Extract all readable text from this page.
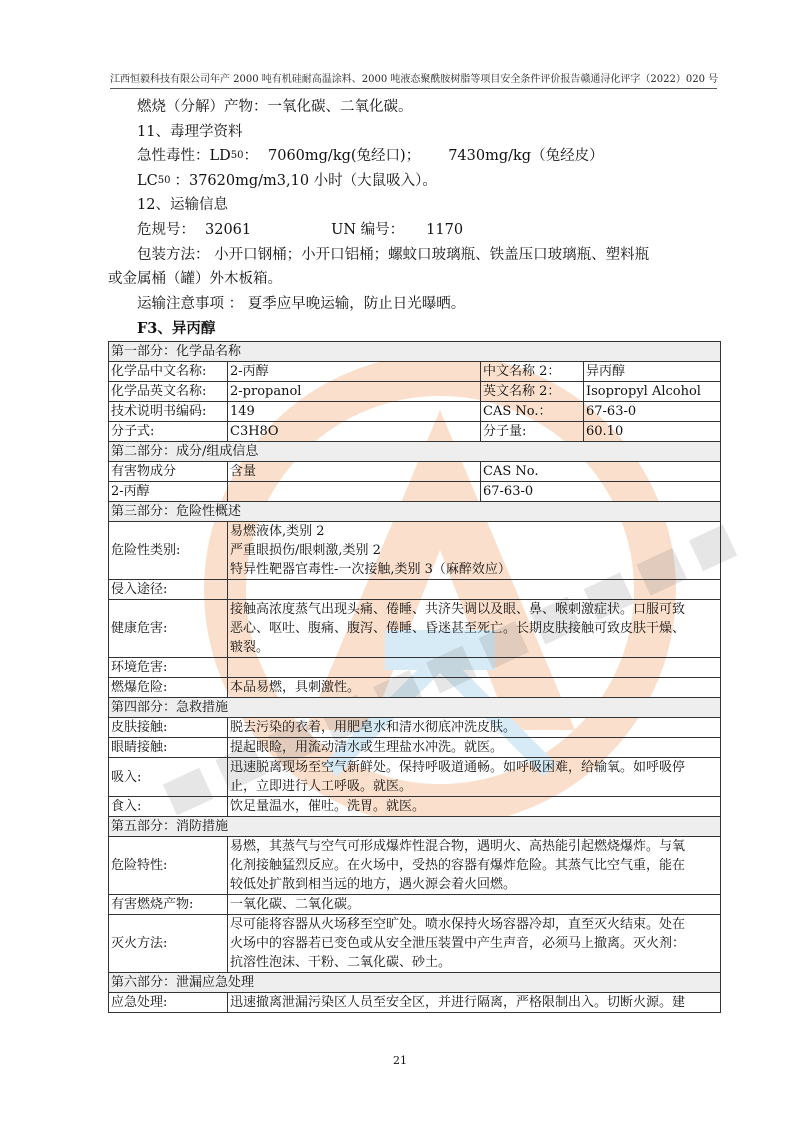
江西恒毅科技有限公司年产 2000 吨有机硅耐高温涂料、2000 吨液态聚酰胺树脂等项目安全条件评价报告 赣通浔化评字（2022）020 号
燃烧（分解）产物：一氧化碳、二氧化碳。
11、毒理学资料
急性毒性：LD 50 ： 7060mg/kg(兔经口)； 7430mg/kg（兔经皮）
LC 50 ：37620mg/m3,10 小时（大鼠吸入）。
12、运输信息
危规号： 32061	UN 编号： 1170
包装方法： 小开口钢桶；小开口铝桶；螺蚊口玻璃瓶、铁盖压口玻璃瓶、塑料瓶
或金属桶（罐）外木板箱。
运输注意事项 ： 夏季应早晚运输，防止日光曝晒。
F3、异丙醇
第一部分：化学品名称			
化学品中文名称:	2-丙醇	中文名称 2：	异丙醇
化学品英文名称:	2-propanol	英文名称 2：	Isopropyl Alcohol
技术说明书编码:	149	CAS No.：	67-63-0
分子式:	C3H8O	分子量:	60.10
第二部分：成分/组成信息			
有害物成分	含量	CAS No.	
2-丙醇		67-63-0	
第三部分：危险性概述			
危险性类别:	易燃液体,类别 2
严重眼损伤/眼刺激,类别 2
特异性靶器官毒性-一次接触,类别 3（麻醉效应）		

侵入途径:			
健康危害:	接触高浓度蒸气出现头痛、倦睡、共济失调以及眼、鼻、喉刺激症状。口服可致
恶心、呕吐、腹痛、腹泻、倦睡、昏迷甚至死亡。长期皮肤接触可致皮肤干燥、
皲裂。		

环境危害:			
燃爆危险:	本品易燃，具刺激性。		
第四部分：急救措施			
皮肤接触:	脱去污染的衣着，用肥皂水和清水彻底冲洗皮肤。		
眼睛接触:	提起眼睑，用流动清水或生理盐水冲洗。就医。		
吸入:	迅速脱离现场至空气新鲜处。保持呼吸道通畅。如呼吸困难，给输氧。如呼吸停
止，立即进行人工呼吸。就医。		

食入:	饮足量温水，催吐。洗胃。就医。		
第五部分：消防措施			
危险特性:	易燃，其蒸气与空气可形成爆炸性混合物，遇明火、高热能引起燃烧爆炸。与氧
化剂接触猛烈反应。在火场中，受热的容器有爆炸危险。其蒸气比空气重，能在
较低处扩散到相当远的地方，遇火源会着火回燃。		

有害燃烧产物:	一氧化碳、二氧化碳。		
灭火方法:	尽可能将容器从火场移至空旷处。喷水保持火场容器冷却，直至灭火结束。处在
火场中的容器若已变色或从安全泄压装置中产生声音，必须马上撤离。灭火剂：
抗溶性泡沫、干粉、二氧化碳、砂土。		

第六部分：泄漏应急处理			
应急处理:	迅速撤离泄漏污染区人员至安全区，并进行隔离，严格限制出入。切断火源。建		
21
